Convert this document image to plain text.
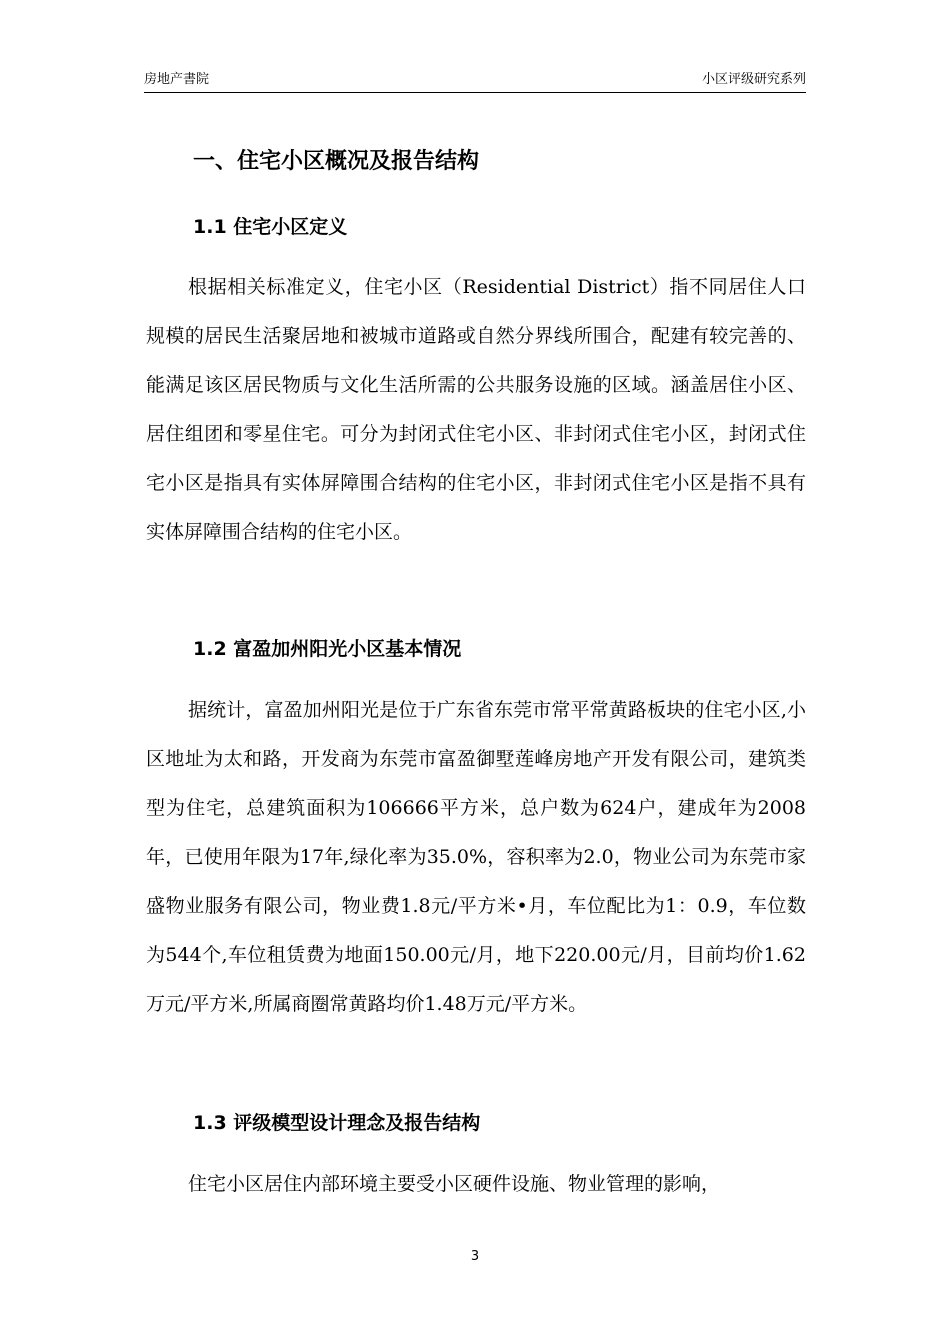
房地产書院	小区评级研究系列
一、住宅小区概况及报告结构
1.1 住宅小区定义

根据相关标准定义，住宅小区（Residential District）指不同居住人口规模的居民生活聚居地和被城市道路或自然分界线所围合，配建有较完善的、能满足该区居民物质与文化生活所需的公共服务设施的区域。涵盖居住小区、居住组团和零星住宅。可分为封闭式住宅小区、非封闭式住宅小区，封闭式住宅小区是指具有实体屏障围合结构的住宅小区，非封闭式住宅小区是指不具有实体屏障围合结构的住宅小区。

1.2 富盈加州阳光小区基本情况

据统计，富盈加州阳光是位于广东省东莞市常平常黄路板块的住宅小区,小区地址为太和路，开发商为东莞市富盈御墅莲峰房地产开发有限公司，建筑类型为住宅，总建筑面积为106666平方米，总户数为624户，建成年为2008年，已使用年限为17年,绿化率为35.0%，容积率为2.0，物业公司为东莞市家盛物业服务有限公司，物业费1.8元/平方米•月，车位配比为1：0.9，车位数为544个,车位租赁费为地面150.00元/月，地下220.00元/月，目前均价1.62万元/平方米,所属商圈常黄路均价1.48万元/平方米。

1.3 评级模型设计理念及报告结构

住宅小区居住内部环境主要受小区硬件设施、物业管理的影响，

3
